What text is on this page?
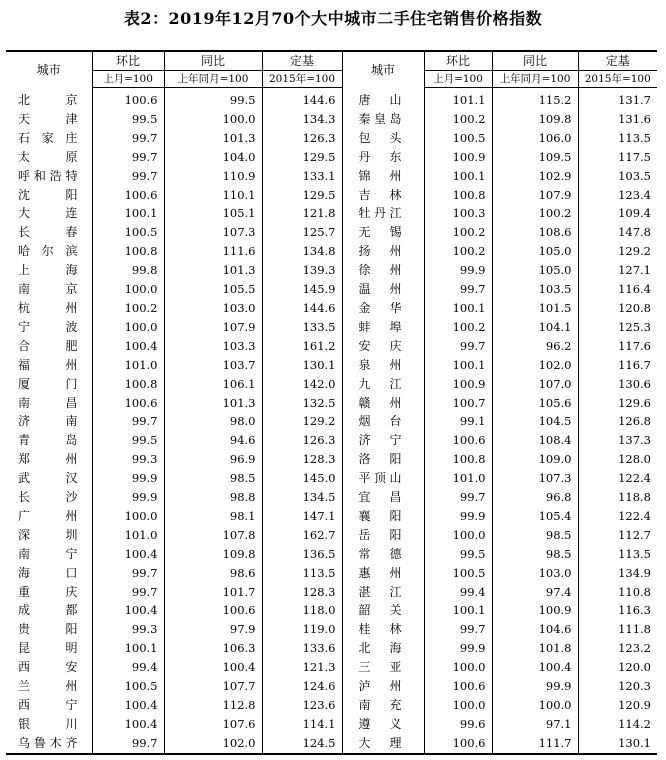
表2：2019年12月70个大中城市二手住宅销售价格指数
城市	环比	同比	定基	城市	环比	同比	定基
	上月=100	上年同月=100	2015年=100		上月=100	上年同月=100	2015年=100
北京	100.6	99.5	144.6	唐山	101.1	115.2	131.7
天津	99.5	100.0	134.3	秦皇岛	100.2	109.8	131.6
石家庄	99.7	101.3	126.3	包头	100.5	106.0	113.5
太原	99.7	104.0	129.5	丹东	100.9	109.5	117.5
呼和浩特	99.7	110.9	133.1	锦州	100.1	102.9	103.5
沈阳	100.6	110.1	129.5	吉林	100.8	107.9	123.4
大连	100.1	105.1	121.8	牡丹江	100.3	100.2	109.4
长春	100.5	107.3	125.7	无锡	100.2	108.6	147.8
哈尔滨	100.8	111.6	134.8	扬州	100.2	105.0	129.2
上海	99.8	101.3	139.3	徐州	99.9	105.0	127.1
南京	100.0	105.5	145.9	温州	99.7	103.5	116.4
杭州	100.2	103.0	144.6	金华	100.1	101.5	120.8
宁波	100.0	107.9	133.5	蚌埠	100.2	104.1	125.3
合肥	100.4	103.3	161.2	安庆	99.7	96.2	117.6
福州	101.0	103.7	130.1	泉州	100.1	102.0	116.7
厦门	100.8	106.1	142.0	九江	100.9	107.0	130.6
南昌	100.6	101.3	132.5	赣州	100.7	105.6	129.6
济南	99.7	98.0	129.2	烟台	99.1	104.5	126.8
青岛	99.5	94.6	126.3	济宁	100.6	108.4	137.3
郑州	99.3	96.9	128.3	洛阳	100.8	109.0	128.0
武汉	99.9	98.5	145.0	平顶山	101.0	107.3	122.4
长沙	99.9	98.8	134.5	宜昌	99.7	96.8	118.8
广州	100.0	98.1	147.1	襄阳	99.9	105.4	122.4
深圳	101.0	107.8	162.7	岳阳	100.0	98.5	112.7
南宁	100.4	109.8	136.5	常德	99.5	98.5	113.5
海口	99.7	98.6	113.5	惠州	100.5	103.0	134.9
重庆	99.7	101.7	128.3	湛江	99.4	97.4	110.8
成都	100.4	100.6	118.0	韶关	100.1	100.9	116.3
贵阳	99.3	97.9	119.0	桂林	99.7	104.6	111.8
昆明	100.1	106.3	133.6	北海	99.9	101.8	123.2
西安	99.4	100.4	121.3	三亚	100.0	100.4	120.0
兰州	100.5	107.7	124.6	泸州	100.6	99.9	120.3
西宁	100.4	112.8	123.6	南充	100.0	100.0	120.9
银川	100.4	107.6	114.1	遵义	99.6	97.1	114.2
乌鲁木齐	99.7	102.0	124.5	大理	100.6	111.7	130.1
